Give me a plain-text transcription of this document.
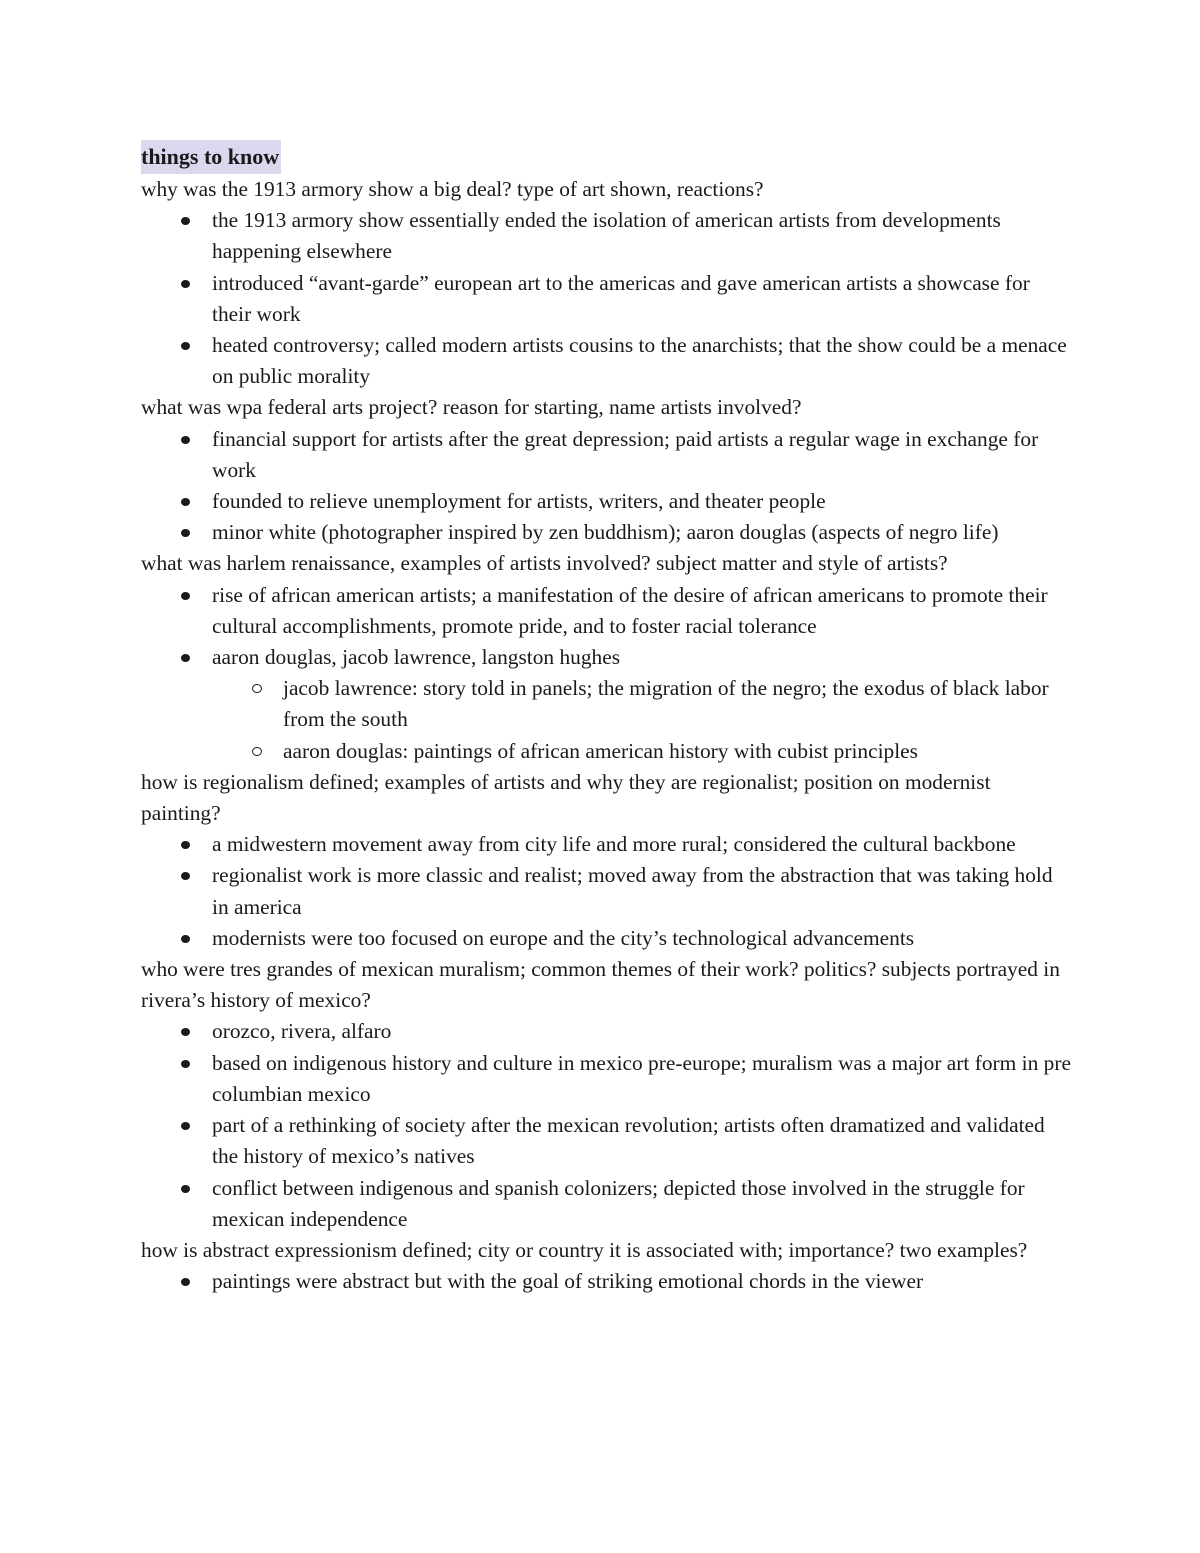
things to know

why was the 1913 armory show a big deal? type of art shown, reactions?

the 1913 armory show essentially ended the isolation of american artists from developments happening elsewhere
introduced “avant-garde” european art to the americas and gave american artists a showcase for their work
heated controversy; called modern artists cousins to the anarchists; that the show could be a menace on public morality

what was wpa federal arts project? reason for starting, name artists involved?

financial support for artists after the great depression; paid artists a regular wage in exchange for work
founded to relieve unemployment for artists, writers, and theater people
minor white (photographer inspired by zen buddhism); aaron douglas (aspects of negro life)

what was harlem renaissance, examples of artists involved? subject matter and style of artists?

rise of african american artists; a manifestation of the desire of african americans to promote their cultural accomplishments, promote pride, and to foster racial tolerance
aaron douglas, jacob lawrence, langston hughes
jacob lawrence: story told in panels; the migration of the negro; the exodus of black labor from the south
aaron douglas: paintings of african american history with cubist principles

how is regionalism defined; examples of artists and why they are regionalist; position on modernist painting?

a midwestern movement away from city life and more rural; considered the cultural backbone
regionalist work is more classic and realist; moved away from the abstraction that was taking hold in america
modernists were too focused on europe and the city’s technological advancements

who were tres grandes of mexican muralism; common themes of their work? politics? subjects portrayed in rivera’s history of mexico?

orozco, rivera, alfaro
based on indigenous history and culture in mexico pre-europe; muralism was a major art form in pre columbian mexico
part of a rethinking of society after the mexican revolution; artists often dramatized and validated the history of mexico’s natives
conflict between indigenous and spanish colonizers; depicted those involved in the struggle for mexican independence

how is abstract expressionism defined; city or country it is associated with; importance? two examples?

paintings were abstract but with the goal of striking emotional chords in the viewer
